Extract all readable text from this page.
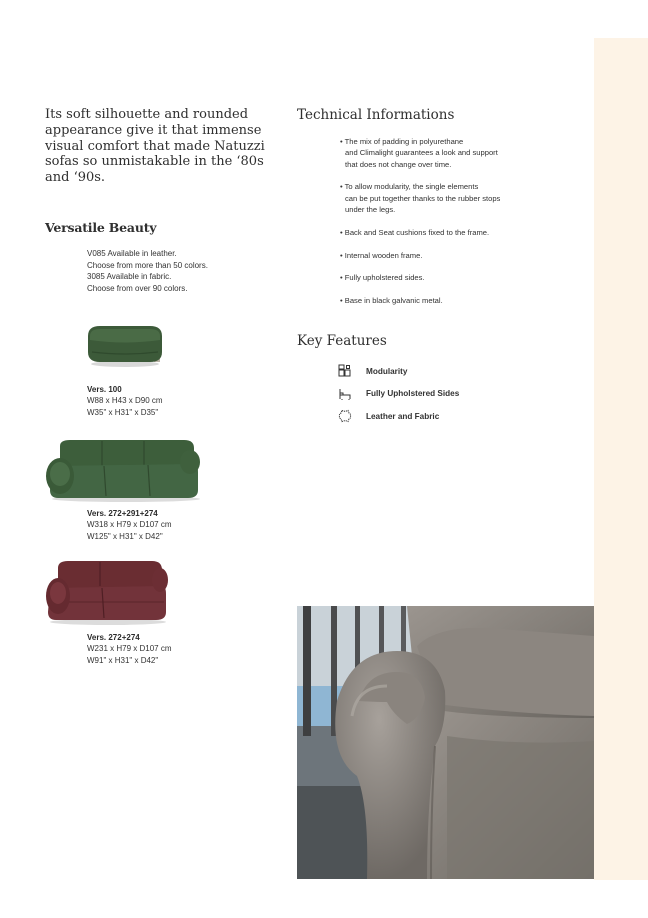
Its soft silhouette and rounded appearance give it that immense visual comfort that made Natuzzi sofas so unmistakable in the ‘80s and ‘90s.

Versatile Beauty
V085 Available in leather.
Choose from more than 50 colors.
3085 Available in fabric.
Choose from over 90 colors.
Vers. 100
W88 x H43 x D90 cm
W35" x H31" x D35"
Vers. 272+291+274
W318 x H79 x D107 cm
W125" x H31" x D42"
Vers. 272+274
W231 x H79 x D107 cm
W91" x H31" x D42"
Technical Informations
• The mix of padding in polyurethane
and Climalight guarantees a look and support
that does not change over time.
• To allow modularity, the single elements
can be put together thanks to the rubber stops
under the legs.
• Back and Seat cushions fixed to the frame.
• Internal wooden frame.
• Fully upholstered sides.
• Base in black galvanic metal.
Key Features
Modularity
Fully Upholstered Sides
Leather and Fabric
